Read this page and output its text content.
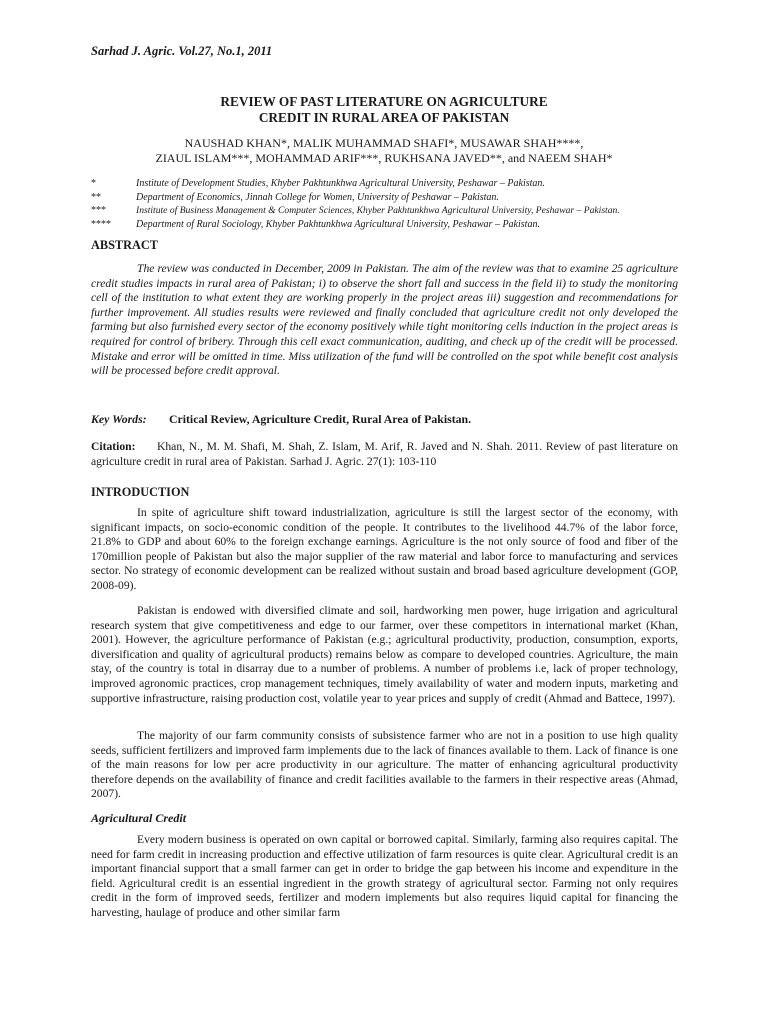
Sarhad J. Agric. Vol.27, No.1, 2011
REVIEW OF PAST LITERATURE ON AGRICULTURE
CREDIT IN RURAL AREA OF PAKISTAN
NAUSHAD KHAN*, MALIK MUHAMMAD SHAFI*, MUSAWAR SHAH****,
ZIAUL ISLAM***, MOHAMMAD ARIF***, RUKHSANA JAVED**, and NAEEM SHAH*
*	Institute of Development Studies, Khyber Pakhtunkhwa Agricultural University, Peshawar – Pakistan.
**	Department of Economics, Jinnah College for Women, University of Peshawar – Pakistan.
***	Institute of Business Management & Computer Sciences, Khyber Pakhtunkhwa Agricultural University, Peshawar – Pakistan.
****	Department of Rural Sociology, Khyber Pakhtunkhwa Agricultural University, Peshawar – Pakistan.
ABSTRACT

The review was conducted in December, 2009 in Pakistan. The aim of the review was that to examine 25 agriculture credit studies impacts in rural area of Pakistan; i) to observe the short fall and success in the field ii) to study the monitoring cell of the institution to what extent they are working properly in the project areas iii) suggestion and recommendations for further improvement. All studies results were reviewed and finally concluded that agriculture credit not only developed the farming but also furnished every sector of the economy positively while tight monitoring cells induction in the project areas is required for control of bribery. Through this cell exact communication, auditing, and check up of the credit will be processed. Mistake and error will be omitted in time. Miss utilization of the fund will be controlled on the spot while benefit cost analysis will be processed before credit approval.

Key Words: Critical Review, Agriculture Credit, Rural Area of Pakistan.
Citation: Khan, N., M. M. Shafi, M. Shah, Z. Islam, M. Arif, R. Javed and N. Shah. 2011. Review of past literature on agriculture credit in rural area of Pakistan. Sarhad J. Agric. 27(1): 103-110
INTRODUCTION

In spite of agriculture shift toward industrialization, agriculture is still the largest sector of the economy, with significant impacts, on socio-economic condition of the people. It contributes to the livelihood 44.7% of the labor force, 21.8% to GDP and about 60% to the foreign exchange earnings. Agriculture is the not only source of food and fiber of the 170million people of Pakistan but also the major supplier of the raw material and labor force to manufacturing and services sector. No strategy of economic development can be realized without sustain and broad based agriculture development (GOP, 2008-09).

Pakistan is endowed with diversified climate and soil, hardworking men power, huge irrigation and agricultural research system that give competitiveness and edge to our farmer, over these competitors in international market (Khan, 2001). However, the agriculture performance of Pakistan (e.g.; agricultural productivity, production, consumption, exports, diversification and quality of agricultural products) remains below as compare to developed countries. Agriculture, the main stay, of the country is total in disarray due to a number of problems. A number of problems i.e, lack of proper technology, improved agronomic practices, crop management techniques, timely availability of water and modern inputs, marketing and supportive infrastructure, raising production cost, volatile year to year prices and supply of credit (Ahmad and Battece, 1997).

The majority of our farm community consists of subsistence farmer who are not in a position to use high quality seeds, sufficient fertilizers and improved farm implements due to the lack of finances available to them. Lack of finance is one of the main reasons for low per acre productivity in our agriculture. The matter of enhancing agricultural productivity therefore depends on the availability of finance and credit facilities available to the farmers in their respective areas (Ahmad, 2007).

Agricultural Credit

Every modern business is operated on own capital or borrowed capital. Similarly, farming also requires capital. The need for farm credit in increasing production and effective utilization of farm resources is quite clear. Agricultural credit is an important financial support that a small farmer can get in order to bridge the gap between his income and expenditure in the field. Agricultural credit is an essential ingredient in the growth strategy of agricultural sector. Farming not only requires credit in the form of improved seeds, fertilizer and modern implements but also requires liquid capital for financing the harvesting, haulage of produce and other similar farm
